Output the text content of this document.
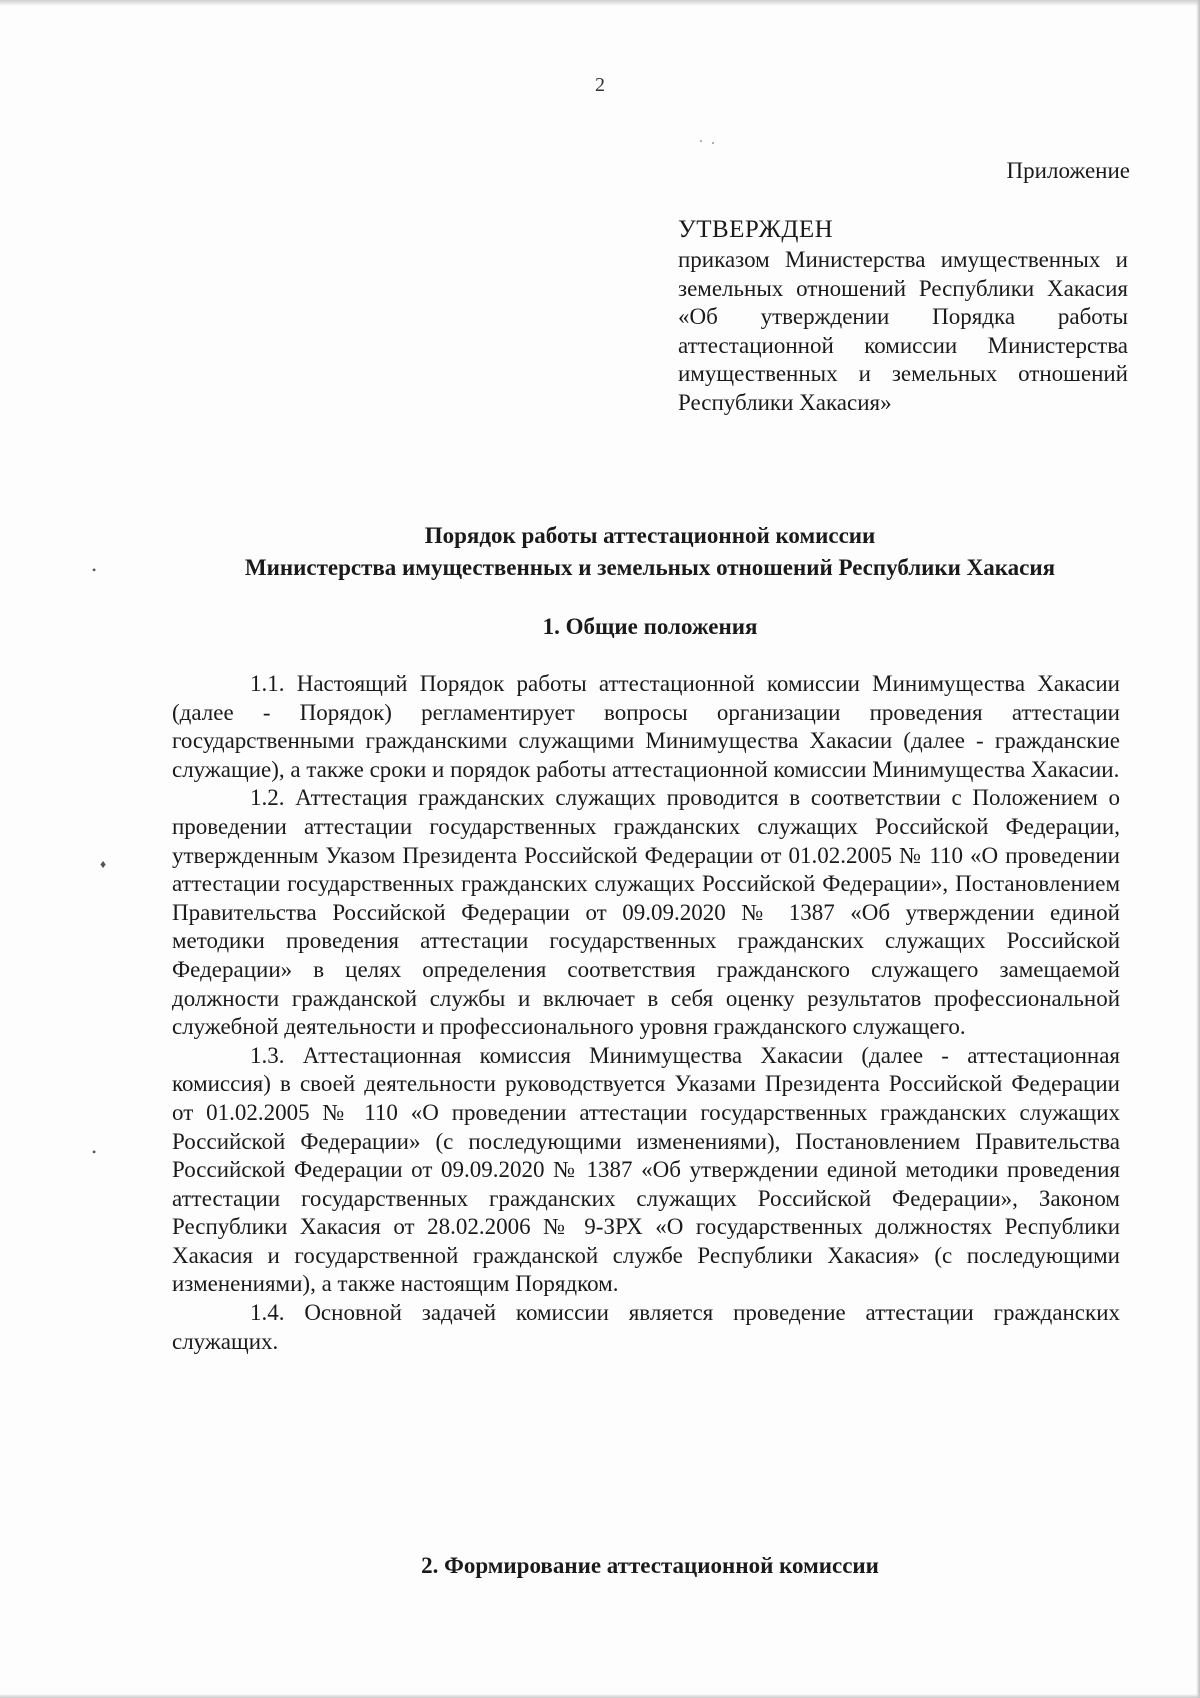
2
Приложение
УТВЕРЖДЕН
приказом Министерства имущественных и земельных отношений Республики Хакасия «Об утверждении Порядка работы аттестационной комиссии Министерства имущественных и земельных отношений Республики Хакасия»
Порядок работы аттестационной комиссии
Министерства имущественных и земельных отношений Республики Хакасия
1. Общие положения

1.1. Настоящий Порядок работы аттестационной комиссии Минимущества Хакасии (далее - Порядок) регламентирует вопросы организации проведения аттестации государственными гражданскими служащими Минимущества Хакасии (далее - гражданские служащие), а также сроки и порядок работы аттестационной комиссии Минимущества Хакасии.

1.2. Аттестация гражданских служащих проводится в соответствии с Положением о проведении аттестации государственных гражданских служащих Российской Федерации, утвержденным Указом Президента Российской Федерации от 01.02.2005 № 110 «О проведении аттестации государственных гражданских служащих Российской Федерации», Постановлением Правительства Российской Федерации от 09.09.2020 № 1387 «Об утверждении единой методики проведения аттестации государственных гражданских служащих Российской Федерации» в целях определения соответствия гражданского служащего замещаемой должности гражданской службы и включает в себя оценку результатов профессиональной служебной деятельности и профессионального уровня гражданского служащего.

1.3. Аттестационная комиссия Минимущества Хакасии (далее - аттестационная комиссия) в своей деятельности руководствуется Указами Президента Российской Федерации от 01.02.2005 № 110 «О проведении аттестации государственных гражданских служащих Российской Федерации» (с последующими изменениями), Постановлением Правительства Российской Федерации от 09.09.2020 № 1387 «Об утверждении единой методики проведения аттестации государственных гражданских служащих Российской Федерации», Законом Республики Хакасия от 28.02.2006 № 9-ЗРХ «О государственных должностях Республики Хакасия и государственной гражданской службе Республики Хакасия» (с последующими изменениями), а также настоящим Порядком.

1.4. Основной задачей комиссии является проведение аттестации гражданских служащих.

2. Формирование аттестационной комиссии
•
♦
•
